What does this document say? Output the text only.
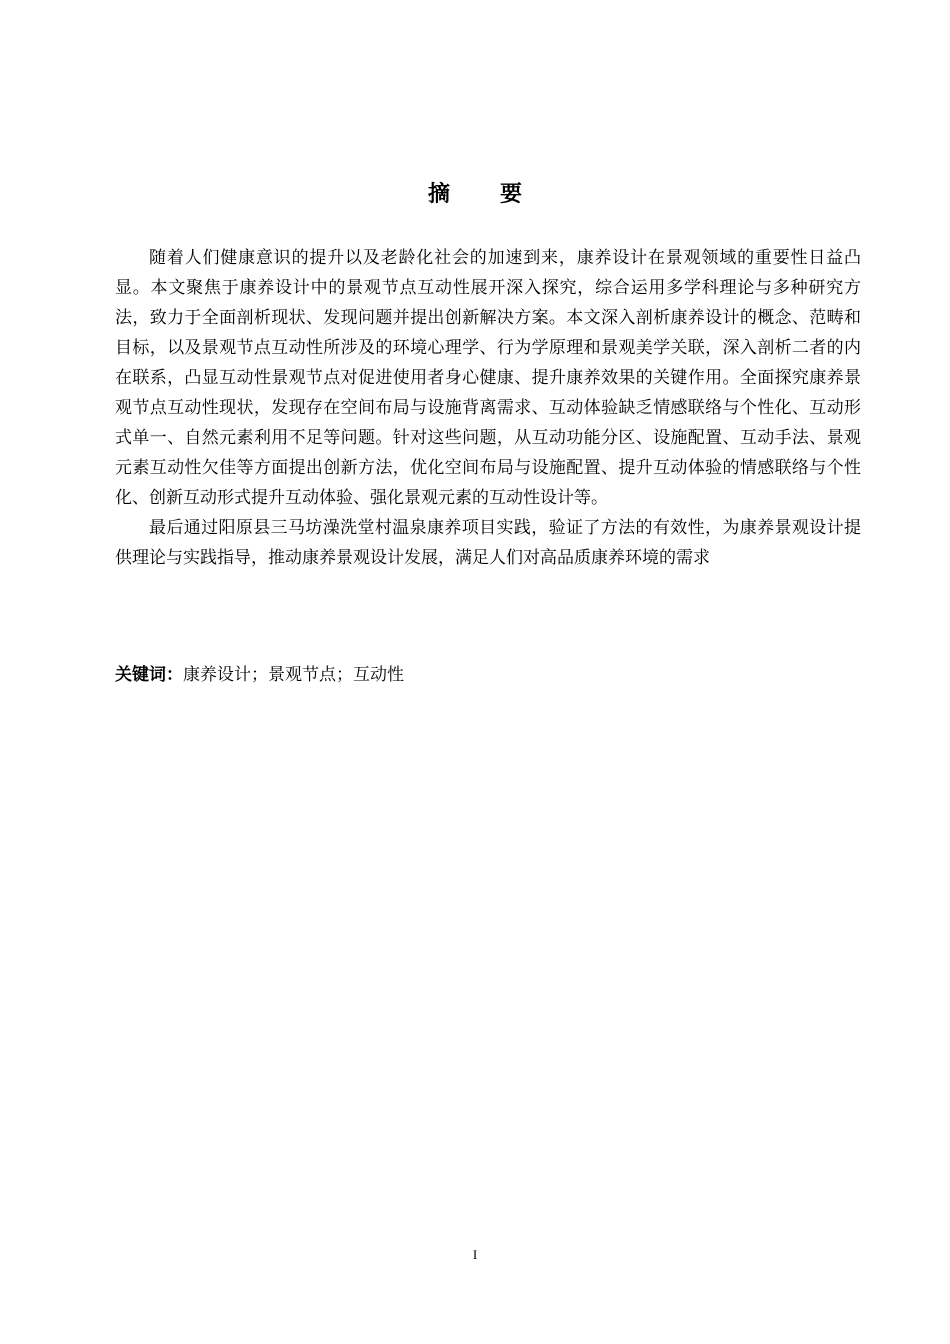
摘 要

随着人们健康意识的提升以及老龄化社会的加速到来，康养设计在景观领域的重要性日益凸显。本文聚焦于康养设计中的景观节点互动性展开深入探究，综合运用多学科理论与多种研究方法，致力于全面剖析现状、发现问题并提出创新解决方案。本文深入剖析康养设计的概念、范畴和目标，以及景观节点互动性所涉及的环境心理学、行为学原理和景观美学关联，深入剖析二者的内在联系，凸显互动性景观节点对促进使用者身心健康、提升康养效果的关键作用。全面探究康养景观节点互动性现状，发现存在空间布局与设施背离需求、互动体验缺乏情感联络与个性化、互动形式单一、自然元素利用不足等问题。针对这些问题，从互动功能分区、设施配置、互动手法、景观元素互动性欠佳等方面提出创新方法，优化空间布局与设施配置、提升互动体验的情感联络与个性化、创新互动形式提升互动体验、强化景观元素的互动性设计等。

最后通过阳原县三马坊澡洗堂村温泉康养项目实践，验证了方法的有效性，为康养景观设计提供理论与实践指导，推动康养景观设计发展，满足人们对高品质康养环境的需求

关键词：康养设计；景观节点；互动性
I
